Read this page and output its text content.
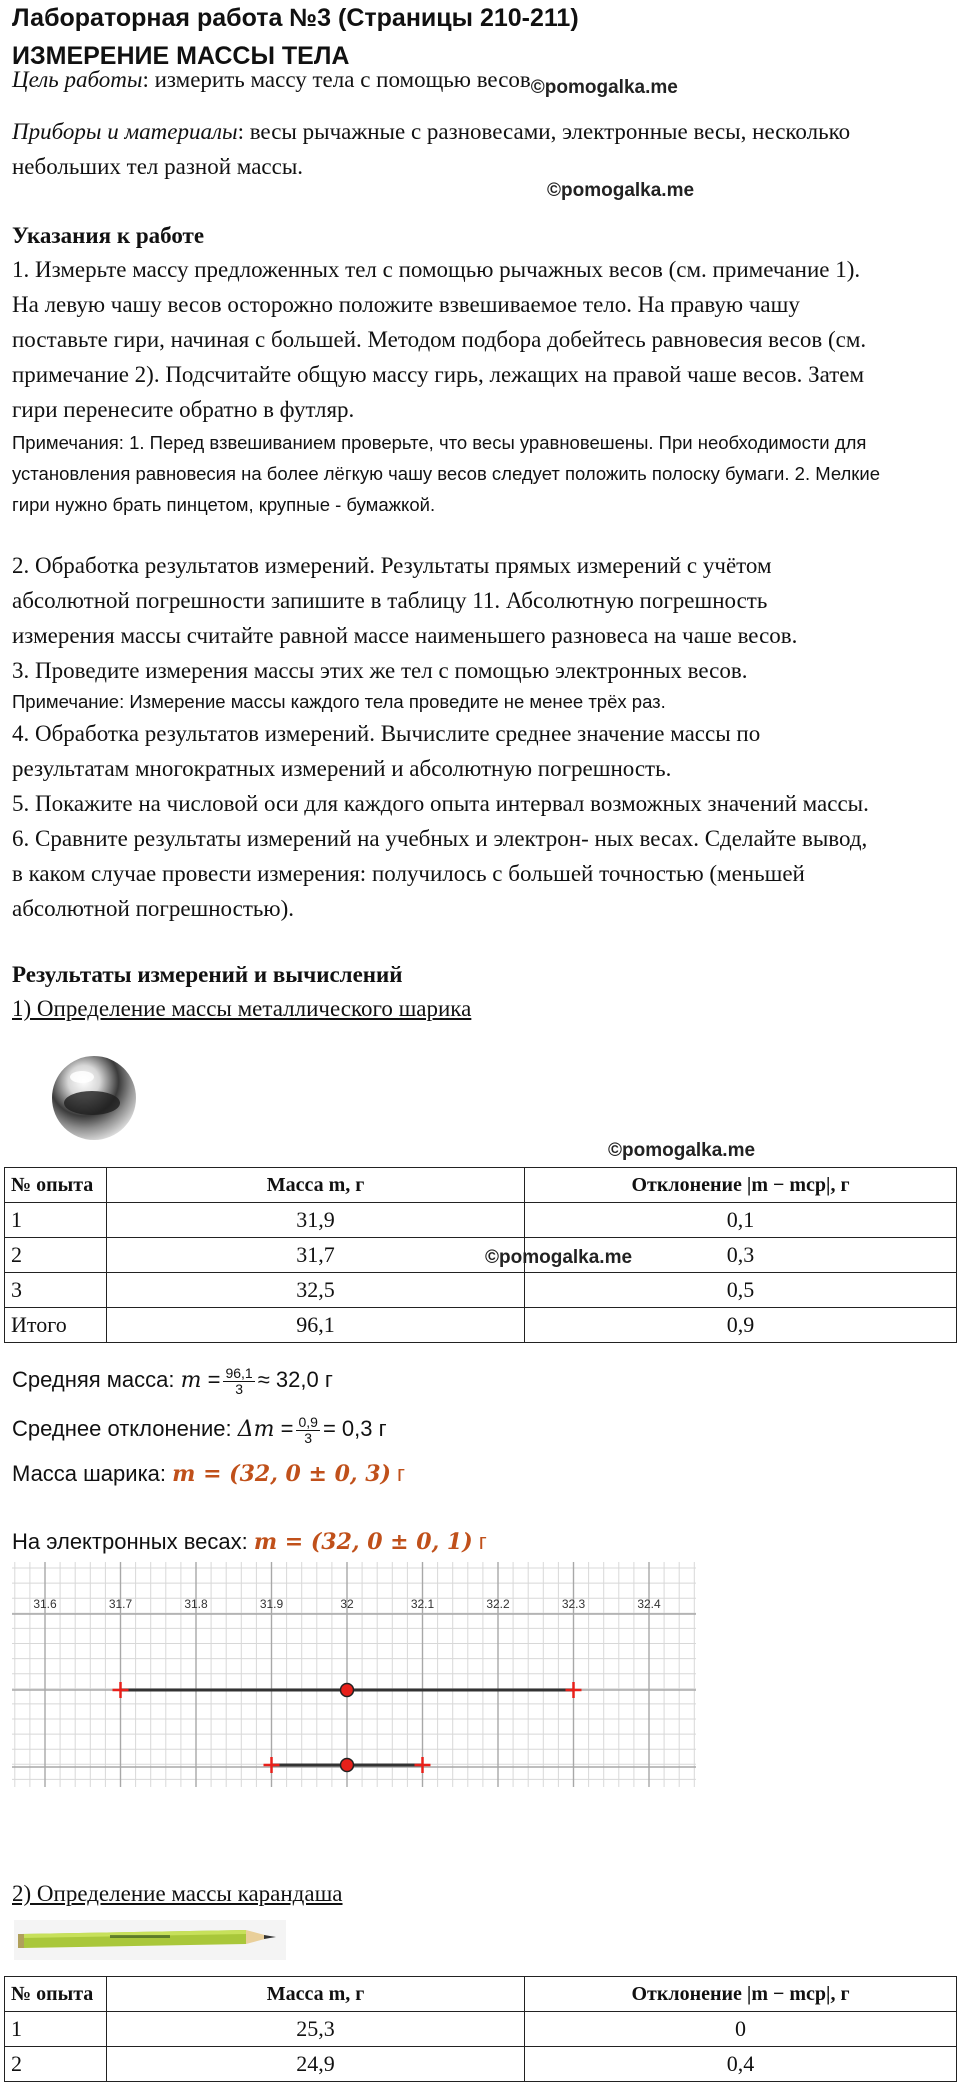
Лабораторная работа №3 (Страницы 210-211)
ИЗМЕРЕНИЕ МАССЫ ТЕЛА
Цель работы: измерить массу тела с помощью весов$_{©pomogalka.me}$
Приборы и материалы: весы рычажные с разновесами, электронные весы, несколько
небольших тел разной массы.
©pomogalka.me
Указания к работе
1. Измерьте массу предложенных тел с помощью рычажных весов (см. примечание 1).
На левую чашу весов осторожно положите взвешиваемое тело. На правую чашу
поставьте гири, начиная с большей. Методом подбора добейтесь равновесия весов (см.
примечание 2). Подсчитайте общую массу гирь, лежащих на правой чаше весов. Затем
гири перенесите обратно в футляр.
Примечания: 1. Перед взвешиванием проверьте, что весы уравновешены. При необходимости для
установления равновесия на более лёгкую чашу весов следует положить полоску бумаги. 2. Мелкие
гири нужно брать пинцетом, крупные - бумажкой.
2. Обработка результатов измерений. Результаты прямых измерений с учётом
абсолютной погрешности запишите в таблицу 11. Абсолютную погрешность
измерения массы считайте равной массе наименьшего разновеса на чаше весов.
3. Проведите измерения массы этих же тел с помощью электронных весов.
Примечание: Измерение массы каждого тела проведите не менее трёх раз.
4. Обработка результатов измерений. Вычислите среднее значение массы по
результатам многократных измерений и абсолютную погрешность.
5. Покажите на числовой оси для каждого опыта интервал возможных значений массы.
6. Сравните результаты измерений на учебных и электрон- ных весах. Сделайте вывод,
в каком случае провести измерения: получилось с большей точностью (меньшей
абсолютной погрешностью).
Результаты измерений и вычислений
1) Определение массы металлического шарика
©pomogalka.me
№ опыта	Масса m, г	Отклонение |m − mср|, г
1	31,9	0,1
2	31,7	0,3
3	32,5	0,5
Итого	96,1	0,9
©pomogalka.me
Средняя масса: $m = \frac{96,1}{3} \approx 32,0$ г
Среднее отклонение: $\Delta m = \frac{0,9}{3} = 0,3$ г
Масса шарика: m = (32, 0 ± 0, 3) г
На электронных весах: m = (32, 0 ± 0, 1) г
31.6	31.7	31.8	31.9	32	32.1	32.2	32.3	32.4
2) Определение массы карандаша
№ опыта	Масса m, г	Отклонение |m − mср|, г
1	25,3	0
2	24,9	0,4
